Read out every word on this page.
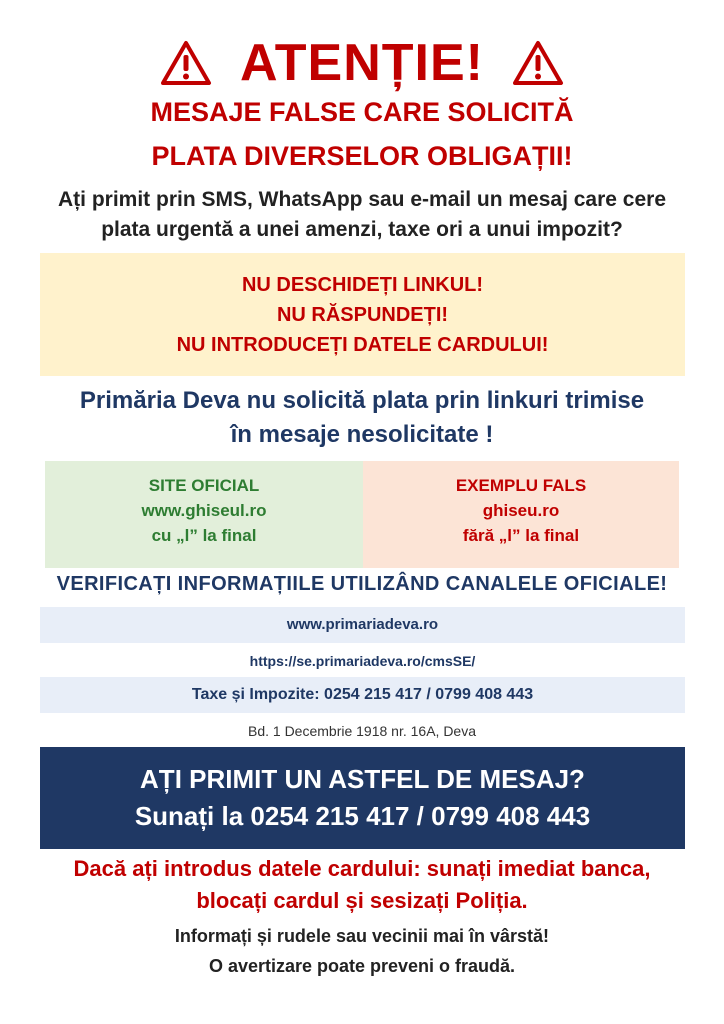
ATENȚIE!
MESAJE FALSE CARE SOLICITĂ
PLATA DIVERSELOR OBLIGAȚII!
Ați primit prin SMS, WhatsApp sau e-mail un mesaj care cere
plata urgentă a unei amenzi, taxe ori a unui impozit?
NU DESCHIDEȚI LINKUL!
NU RĂSPUNDEȚI!
NU INTRODUCEȚI DATELE CARDULUI!
Primăria Deva nu solicită plata prin linkuri trimise
în mesaje nesolicitate !
SITE OFICIAL
www.ghiseul.ro
cu „l” la final
EXEMPLU FALS
ghiseu.ro
fără „l” la final
VERIFICAȚI INFORMAȚIILE UTILIZÂND CANALELE OFICIALE!
www.primariadeva.ro
https://se.primariadeva.ro/cmsSE/
Taxe și Impozite: 0254 215 417 / 0799 408 443
Bd. 1 Decembrie 1918 nr. 16A, Deva
AȚI PRIMIT UN ASTFEL DE MESAJ?
Sunați la 0254 215 417 / 0799 408 443
Dacă ați introdus datele cardului: sunați imediat banca,
blocați cardul și sesizați Poliția.
Informați și rudele sau vecinii mai în vârstă!
O avertizare poate preveni o fraudă.
